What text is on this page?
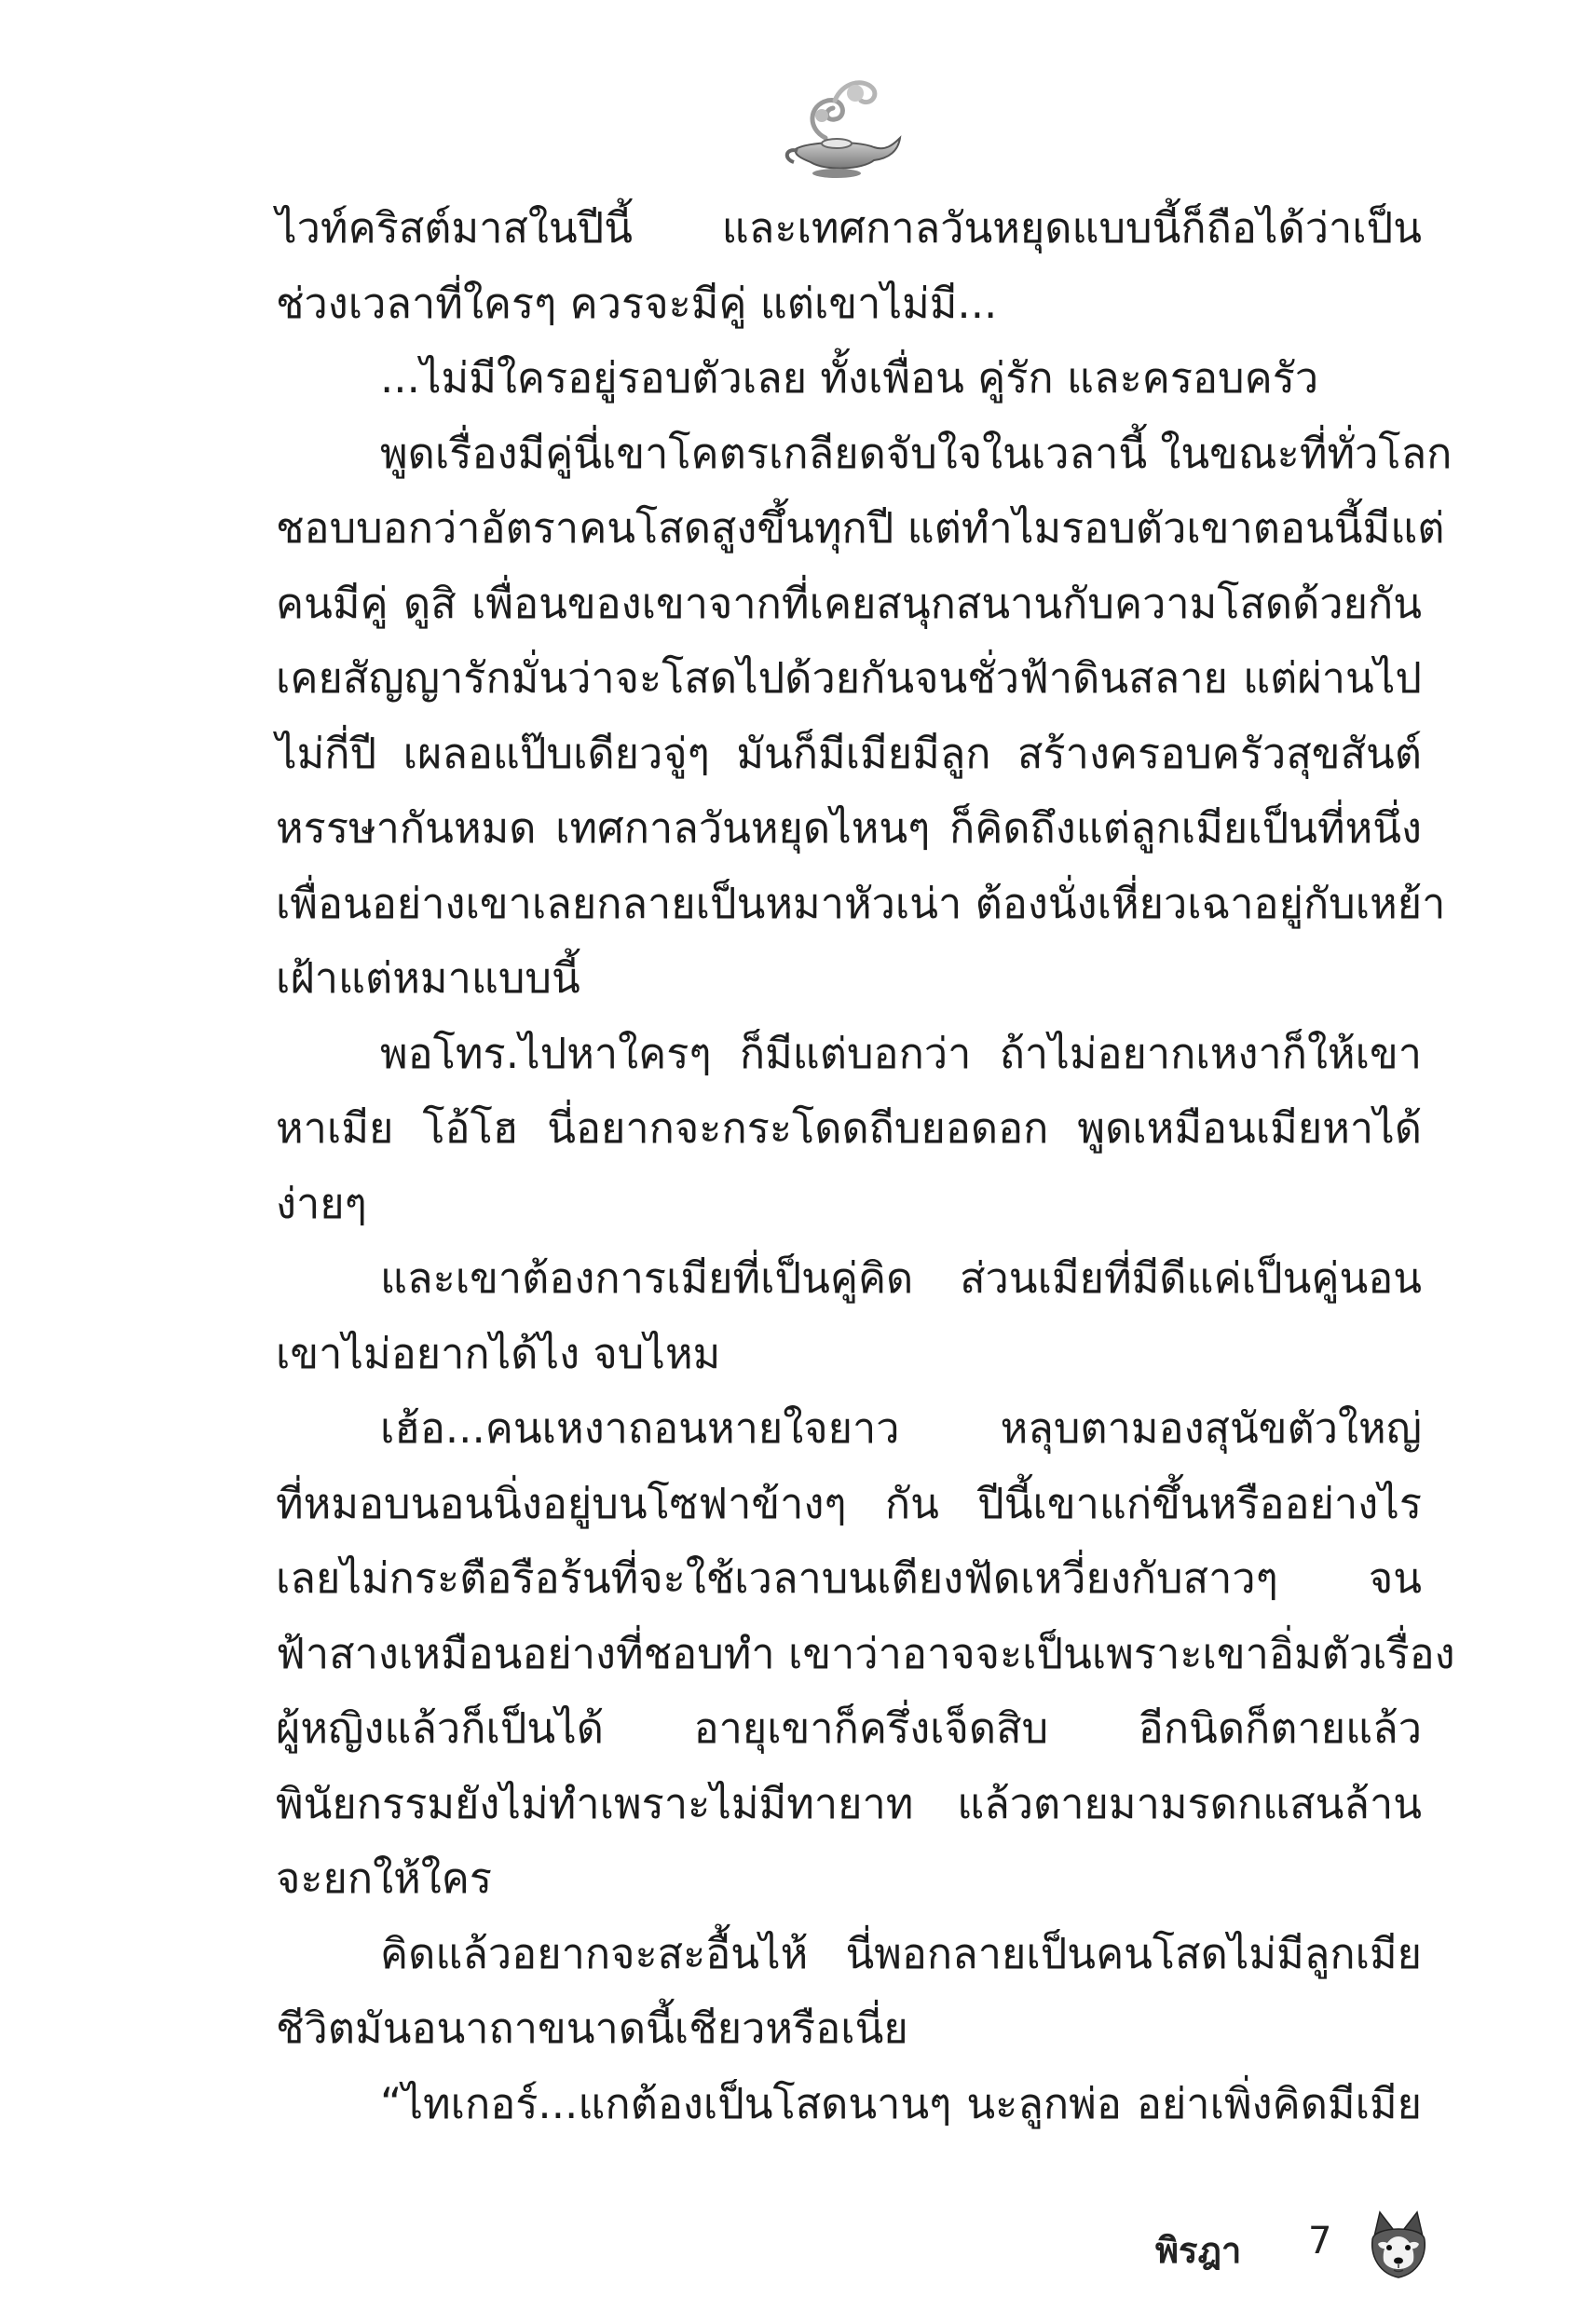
ไวท์คริสต์มาสในปีนี้ และเทศกาลวันหยุดแบบนี้ก็ถือได้ว่าเป็น
ช่วงเวลาที่ใครๆ ควรจะมีคู่ แต่เขาไม่มี...
...ไม่มีใครอยู่รอบตัวเลย ทั้งเพื่อน คู่รัก และครอบครัว
พูดเรื่องมีคู่นี่เขาโคตรเกลียดจับใจในเวลานี้ ในขณะที่ทั่วโลก
ชอบบอกว่าอัตราคนโสดสูงขึ้นทุกปี แต่ทำไมรอบตัวเขาตอนนี้มีแต่
คนมีคู่ ดูสิ เพื่อนของเขาจากที่เคยสนุกสนานกับความโสดด้วยกัน
เคยสัญญารักมั่นว่าจะโสดไปด้วยกันจนชั่วฟ้าดินสลาย แต่ผ่านไป
ไม่กี่ปี เผลอแป๊บเดียวจู่ๆ มันก็มีเมียมีลูก สร้างครอบครัวสุขสันต์
หรรษากันหมด เทศกาลวันหยุดไหนๆ ก็คิดถึงแต่ลูกเมียเป็นที่หนึ่ง
เพื่อนอย่างเขาเลยกลายเป็นหมาหัวเน่า ต้องนั่งเหี่ยวเฉาอยู่กับเหย้า
เฝ้าแต่หมาแบบนี้
พอโทร.ไปหาใครๆ ก็มีแต่บอกว่า ถ้าไม่อยากเหงาก็ให้เขา
หาเมีย โอ้โฮ นี่อยากจะกระโดดถีบยอดอก พูดเหมือนเมียหาได้
ง่ายๆ
และเขาต้องการเมียที่เป็นคู่คิด ส่วนเมียที่มีดีแค่เป็นคู่นอน
เขาไม่อยากได้ไง จบไหม
เฮ้อ...คนเหงาถอนหายใจยาว หลุบตามองสุนัขตัวใหญ่
ที่หมอบนอนนิ่งอยู่บนโซฟาข้างๆ กัน ปีนี้เขาแก่ขึ้นหรืออย่างไร
เลยไม่กระตือรือร้นที่จะใช้เวลาบนเตียงฟัดเหวี่ยงกับสาวๆ จน
ฟ้าสางเหมือนอย่างที่ชอบทำ เขาว่าอาจจะเป็นเพราะเขาอิ่มตัวเรื่อง
ผู้หญิงแล้วก็เป็นได้ อายุเขาก็ครึ่งเจ็ดสิบ อีกนิดก็ตายแล้ว
พินัยกรรมยังไม่ทำเพราะไม่มีทายาท แล้วตายมามรดกแสนล้าน
จะยกให้ใคร
คิดแล้วอยากจะสะอื้นไห้ นี่พอกลายเป็นคนโสดไม่มีลูกเมีย
ชีวิตมันอนาถาขนาดนี้เชียวหรือเนี่ย
“ไทเกอร์...แกต้องเป็นโสดนานๆ นะลูกพ่อ อย่าเพิ่งคิดมีเมีย
พิรฎา 7
